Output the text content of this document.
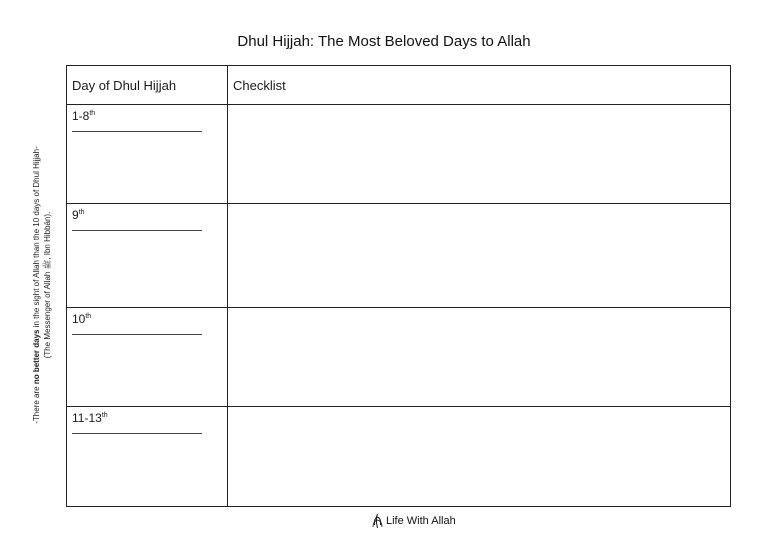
Dhul Hijjah: The Most Beloved Days to Allah
Day of Dhul Hijjah	Checklist

1-8th

9th

10th

11-13th

-There are no better days in the sight of Allah than the 10 days of Dhul Hijjah- (The Messenger of Allah ﷺ, Ibn Hibbān).
Life With Allah
